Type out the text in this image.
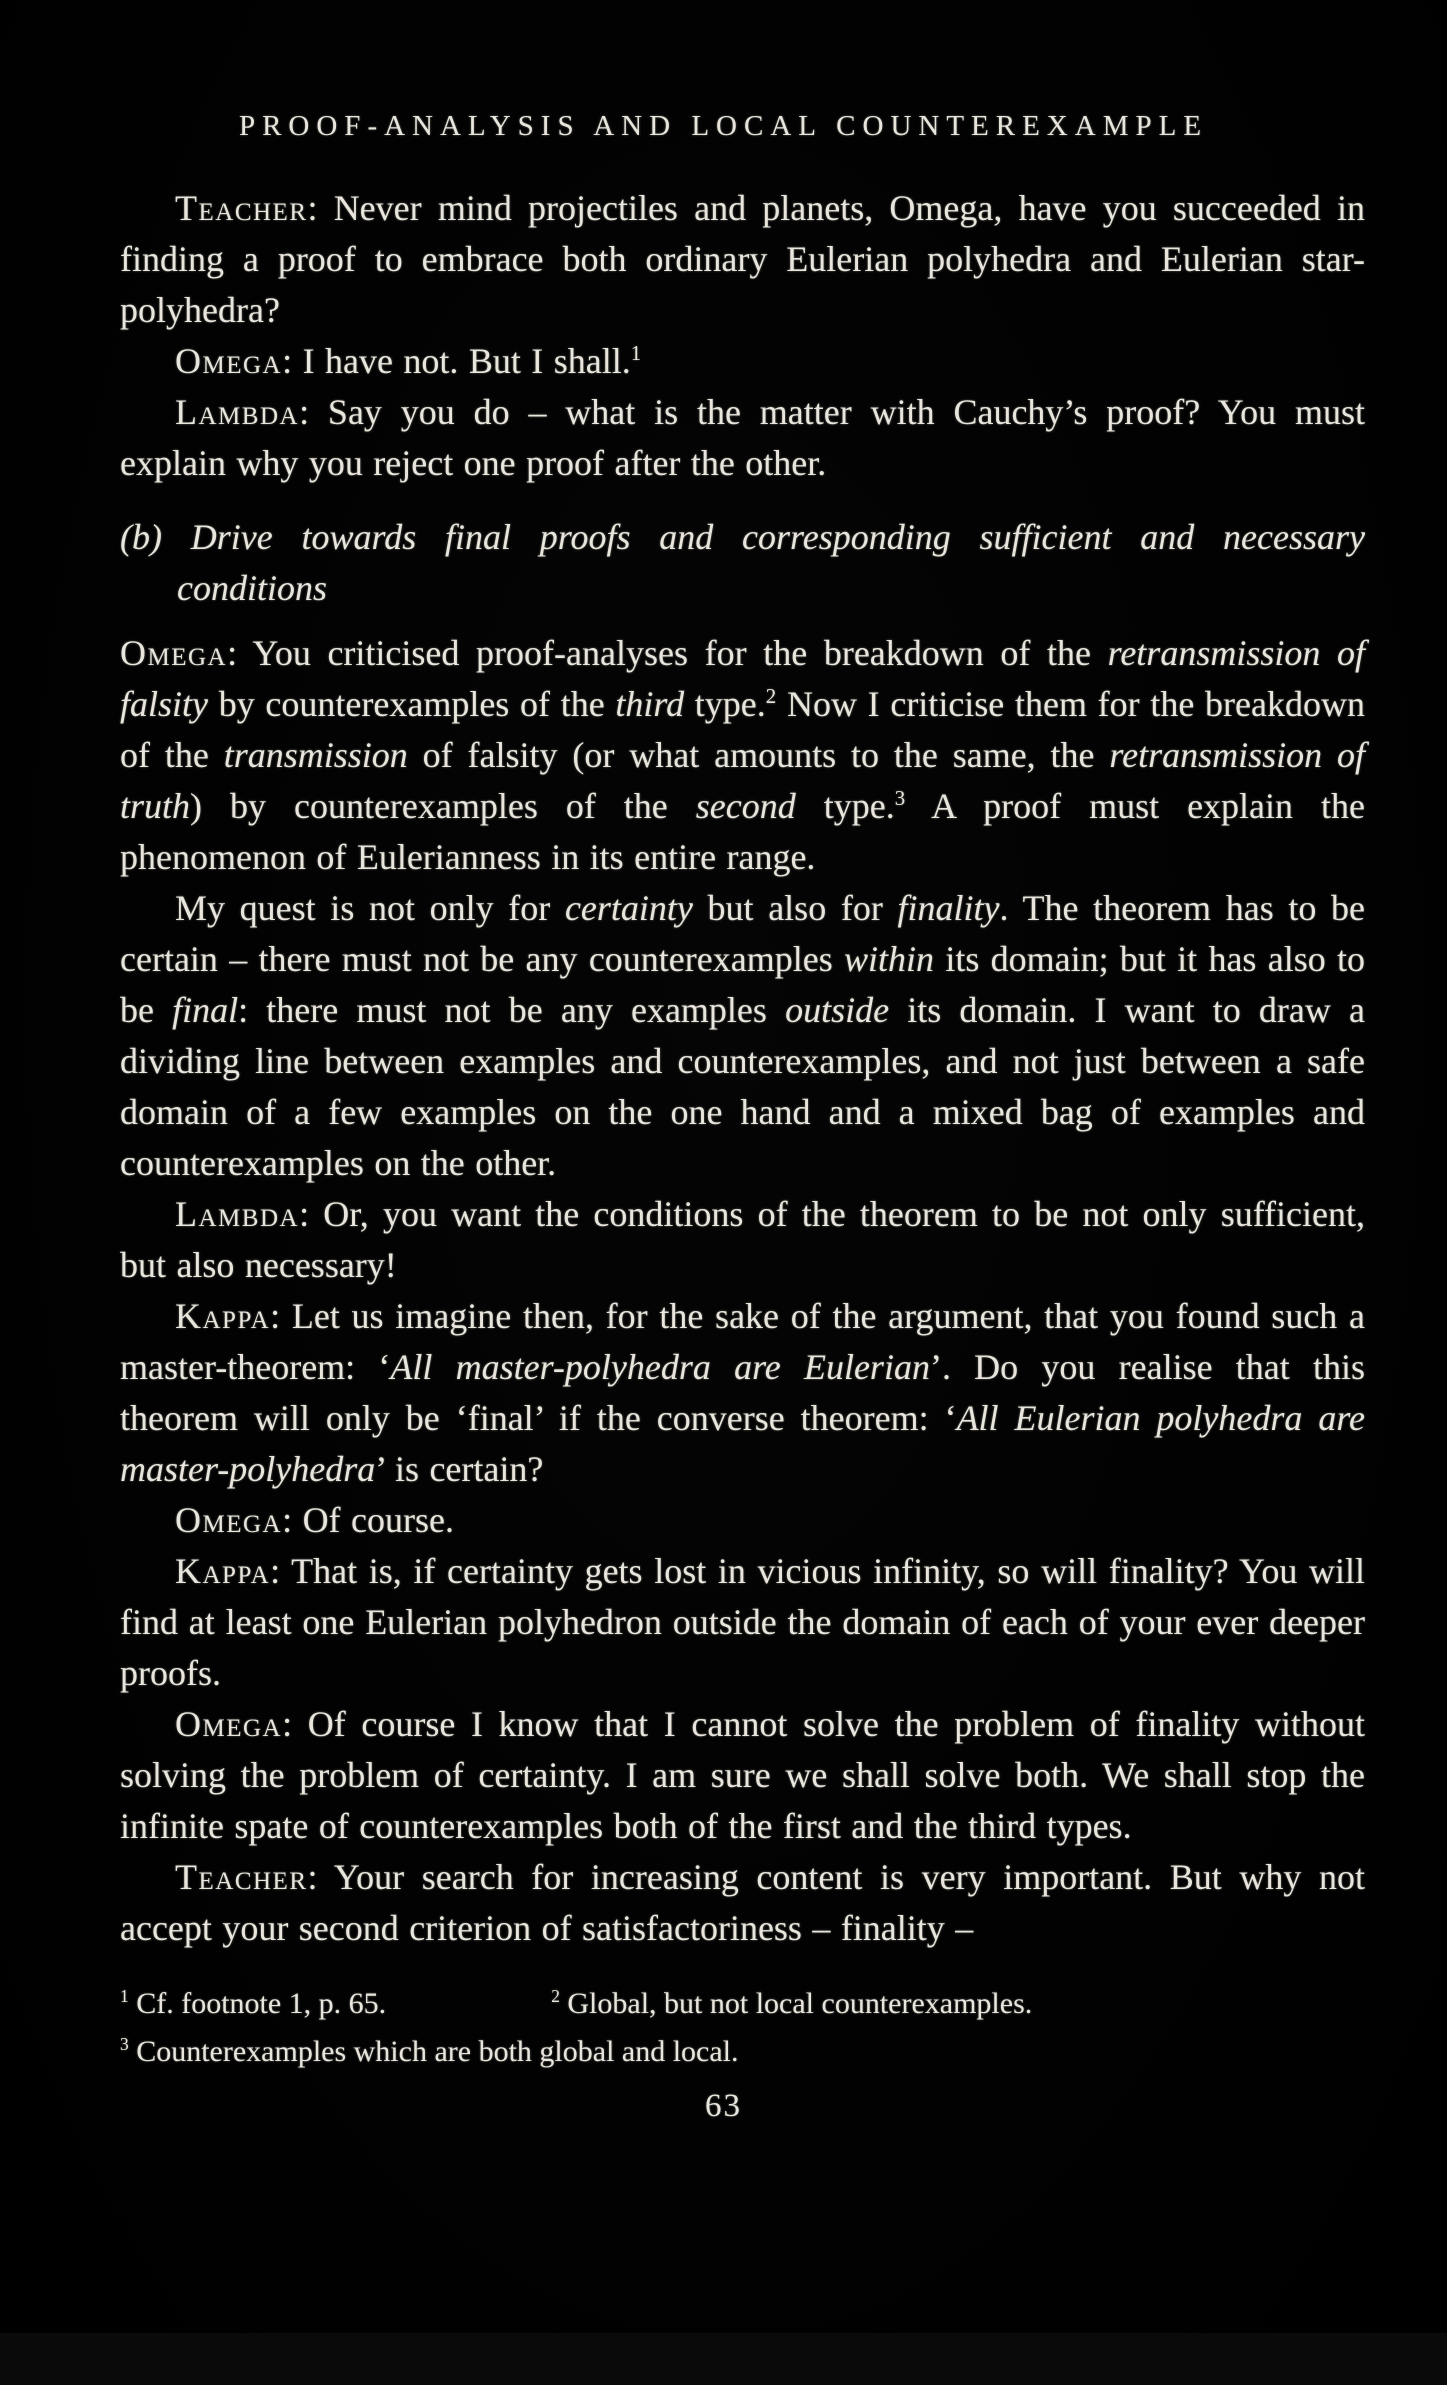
PROOF-ANALYSIS AND LOCAL COUNTEREXAMPLE

Teacher: Never mind projectiles and planets, Omega, have you succeeded in finding a proof to embrace both ordinary Eulerian polyhedra and Eulerian star-polyhedra?

Omega: I have not. But I shall.$^1$

Lambda: Say you do – what is the matter with Cauchy’s proof? You must explain why you reject one proof after the other.

(b) Drive towards final proofs and corresponding sufficient and necessary conditions

Omega: You criticised proof-analyses for the breakdown of the retransmission of falsity by counterexamples of the third type.$^2$ Now I criticise them for the breakdown of the transmission of falsity (or what amounts to the same, the retransmission of truth) by counterexamples of the second type.$^3$ A proof must explain the phenomenon of Eulerianness in its entire range.

My quest is not only for certainty but also for finality. The theorem has to be certain – there must not be any counterexamples within its domain; but it has also to be final: there must not be any examples outside its domain. I want to draw a dividing line between examples and counterexamples, and not just between a safe domain of a few examples on the one hand and a mixed bag of examples and counterexamples on the other.

Lambda: Or, you want the conditions of the theorem to be not only sufficient, but also necessary!

Kappa: Let us imagine then, for the sake of the argument, that you found such a master-theorem: ‘All master-polyhedra are Eulerian’. Do you realise that this theorem will only be ‘final’ if the converse theorem: ‘All Eulerian polyhedra are master-polyhedra’ is certain?

Omega: Of course.

Kappa: That is, if certainty gets lost in vicious infinity, so will finality? You will find at least one Eulerian polyhedron outside the domain of each of your ever deeper proofs.

Omega: Of course I know that I cannot solve the problem of finality without solving the problem of certainty. I am sure we shall solve both. We shall stop the infinite spate of counterexamples both of the first and the third types.

Teacher: Your search for increasing content is very important. But why not accept your second criterion of satisfactoriness – finality –

$^1$ Cf. footnote 1, p. 65.	$^2$ Global, but not local counterexamples.
$^3$ Counterexamples which are both global and local.
63
